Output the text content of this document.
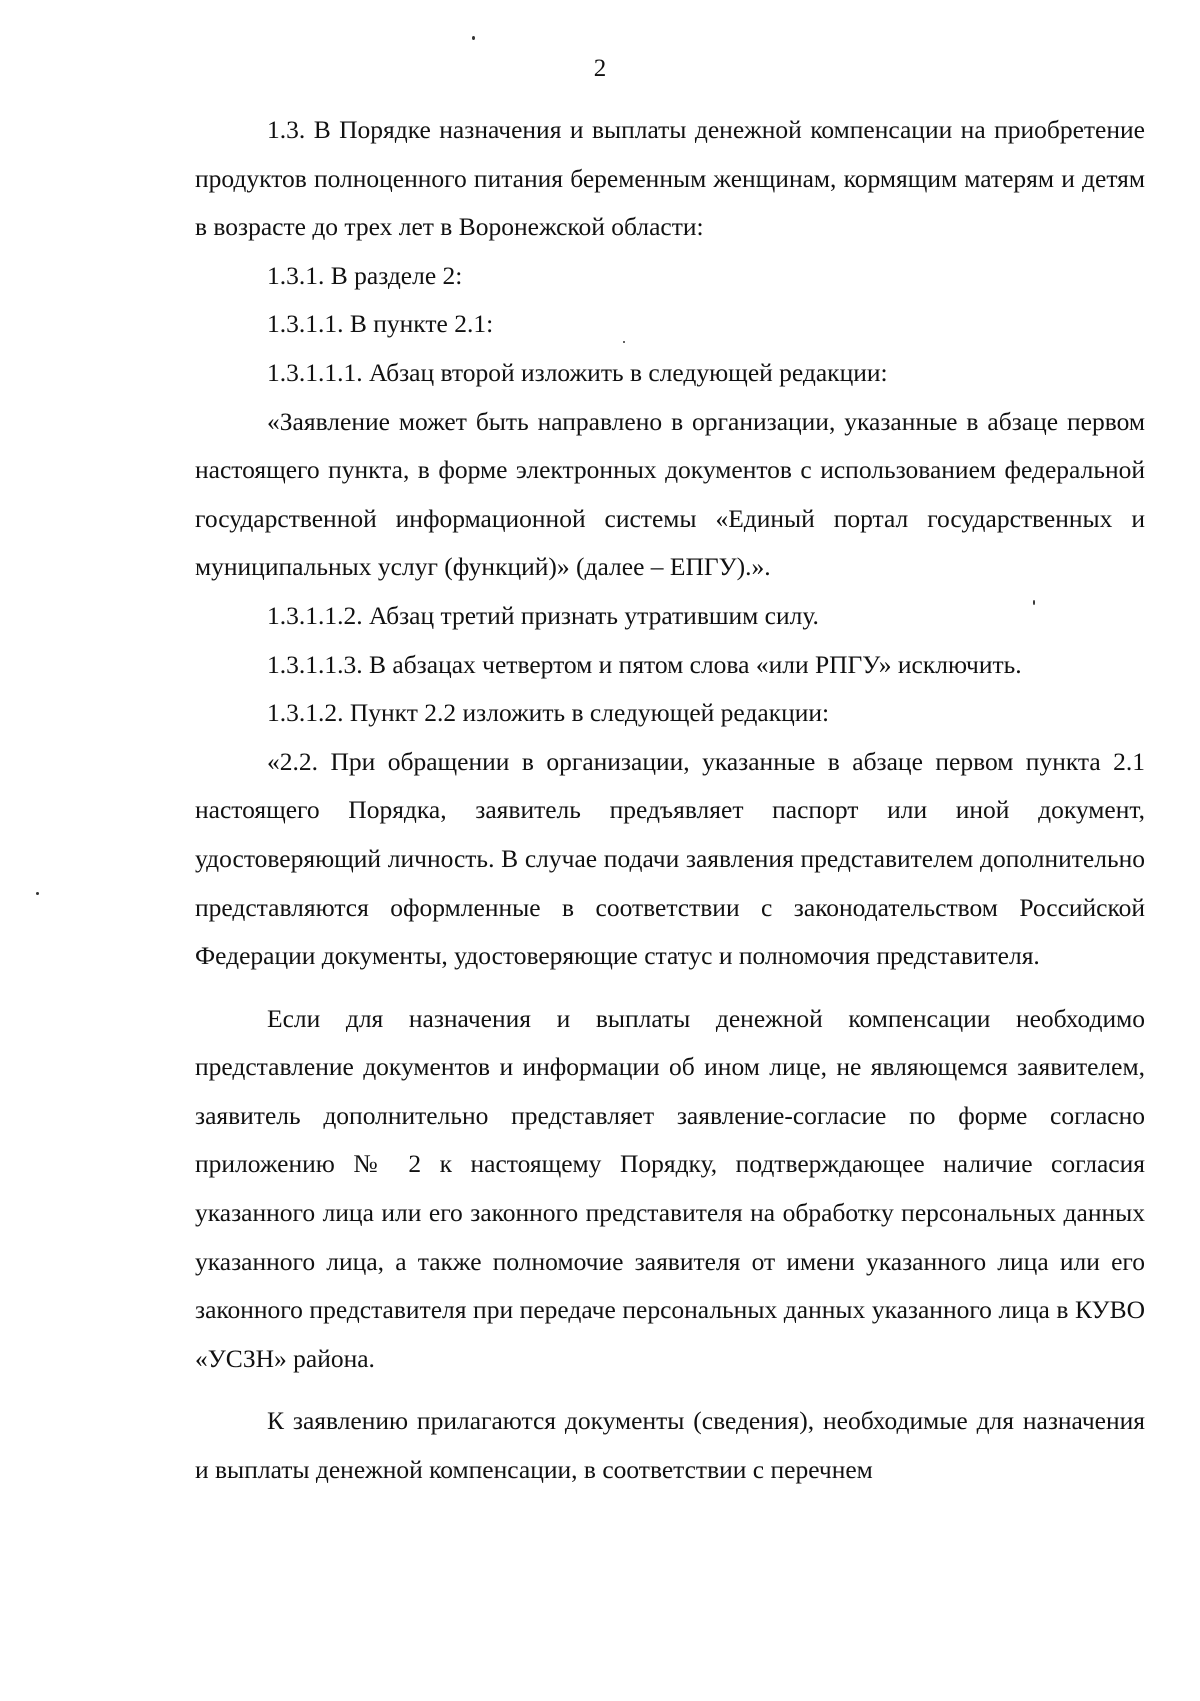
2

1.3. В Порядке назначения и выплаты денежной компенсации на приобретение продуктов полноценного питания беременным женщинам, кормящим матерям и детям в возрасте до трех лет в Воронежской области:

1.3.1. В разделе 2:

1.3.1.1. В пункте 2.1:

1.3.1.1.1. Абзац второй изложить в следующей редакции:

«Заявление может быть направлено в организации, указанные в абзаце первом настоящего пункта, в форме электронных документов с использованием федеральной государственной информационной системы «Единый портал государственных и муниципальных услуг (функций)» (далее – ЕПГУ).».

1.3.1.1.2. Абзац третий признать утратившим силу.

1.3.1.1.3. В абзацах четвертом и пятом слова «или РПГУ» исключить.

1.3.1.2. Пункт 2.2 изложить в следующей редакции:

«2.2. При обращении в организации, указанные в абзаце первом пункта 2.1 настоящего Порядка, заявитель предъявляет паспорт или иной документ, удостоверяющий личность. В случае подачи заявления представителем дополнительно представляются оформленные в соответствии с законодательством Российской Федерации документы, удостоверяющие статус и полномочия представителя.

Если для назначения и выплаты денежной компенсации необходимо представление документов и информации об ином лице, не являющемся заявителем, заявитель дополнительно представляет заявление-согласие по форме согласно приложению № 2 к настоящему Порядку, подтверждающее наличие согласия указанного лица или его законного представителя на обработку персональных данных указанного лица, а также полномочие заявителя от имени указанного лица или его законного представителя при передаче персональных данных указанного лица в КУВО «УСЗН» района.

К заявлению прилагаются документы (сведения), необходимые для назначения и выплаты денежной компенсации, в соответствии с перечнем
